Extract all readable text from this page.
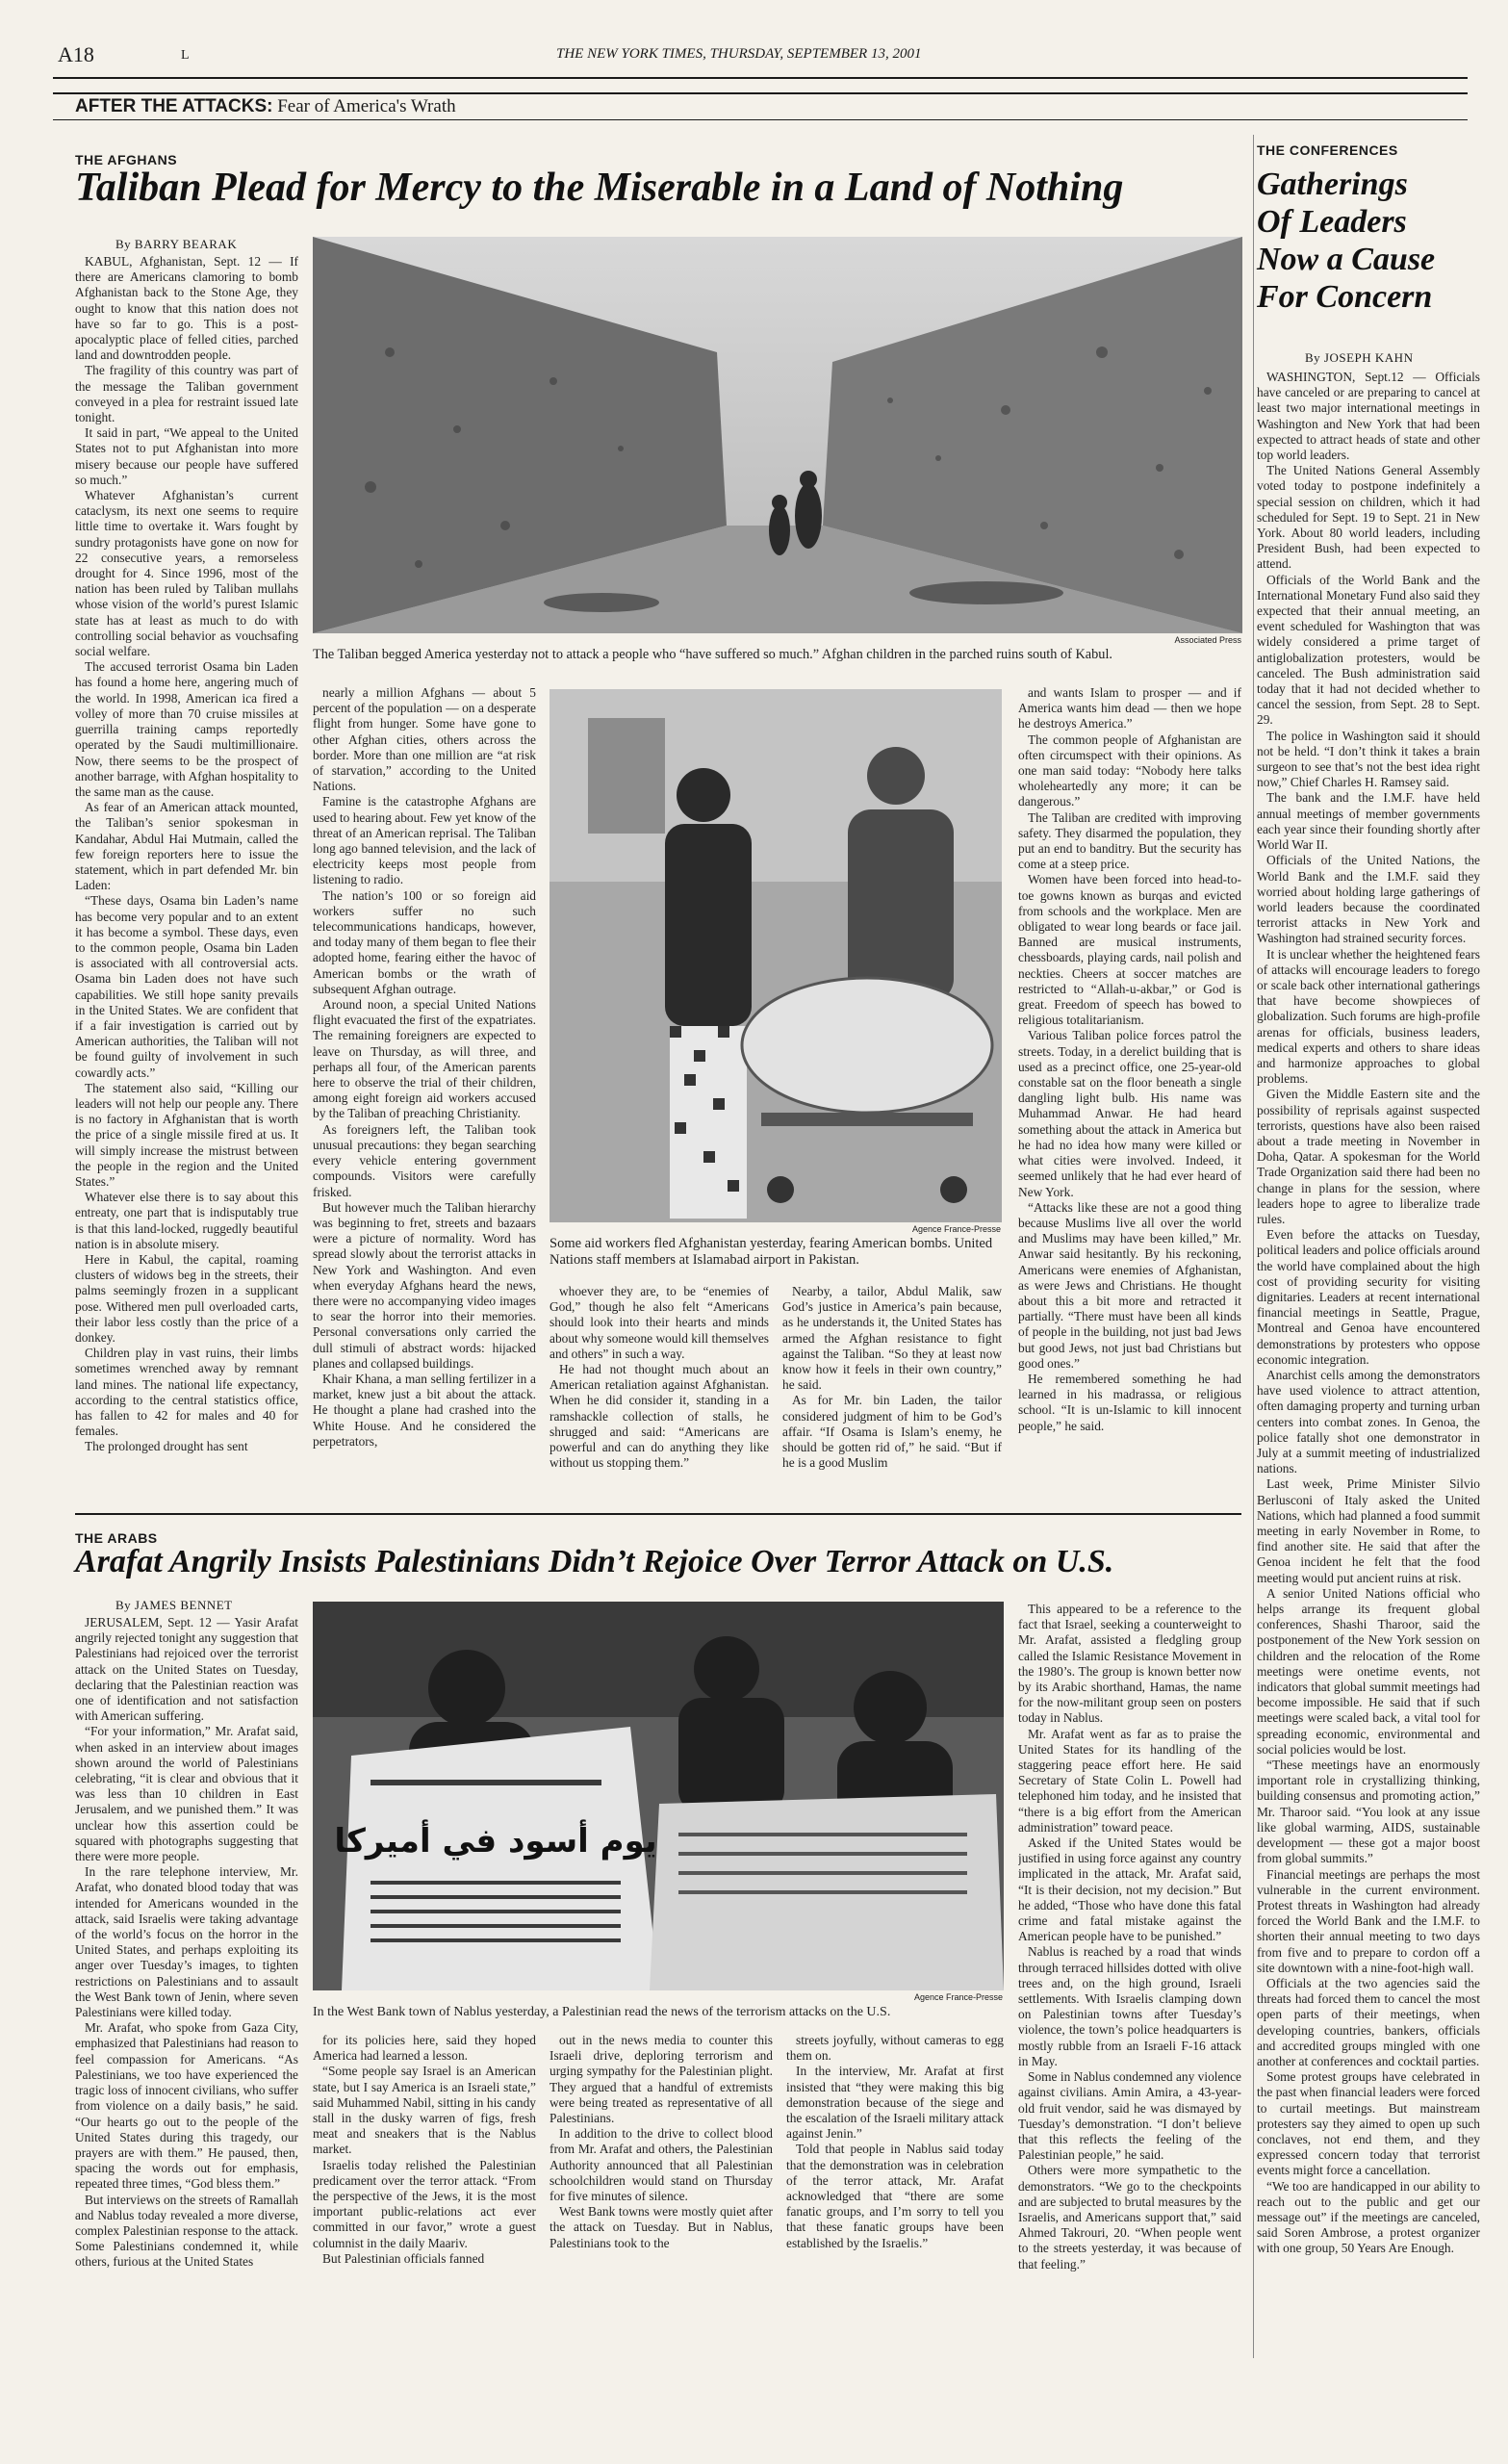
A18	L	THE NEW YORK TIMES, THURSDAY, SEPTEMBER 13, 2001
AFTER THE ATTACKS: Fear of America's Wrath
THE AFGHANS
Taliban Plead for Mercy to the Miserable in a Land of Nothing
By BARRY BEARAK

KABUL, Afghanistan, Sept. 12 — If there are Americans clamoring to bomb Afghanistan back to the Stone Age, they ought to know that this nation does not have so far to go. This is a post-apocalyptic place of felled cities, parched land and downtrodden people.

The fragility of this country was part of the message the Taliban government conveyed in a plea for restraint issued late tonight.

It said in part, “We appeal to the United States not to put Afghanistan into more misery because our people have suffered so much.”

Whatever Afghanistan’s current cataclysm, its next one seems to require little time to overtake it. Wars fought by sundry protagonists have gone on now for 22 consecutive years, a remorseless drought for 4. Since 1996, most of the nation has been ruled by Taliban mullahs whose vision of the world’s purest Islamic state has at least as much to do with controlling social behavior as vouchsafing social welfare.

The accused terrorist Osama bin Laden has found a home here, angering much of the world. In 1998, American ica fired a volley of more than 70 cruise missiles at guerrilla training camps reportedly operated by the Saudi multimillionaire. Now, there seems to be the prospect of another barrage, with Afghan hospitality to the same man as the cause.

As fear of an American attack mounted, the Taliban’s senior spokesman in Kandahar, Abdul Hai Mutmain, called the few foreign reporters here to issue the statement, which in part defended Mr. bin Laden:

“These days, Osama bin Laden’s name has become very popular and to an extent it has become a symbol. These days, even to the common people, Osama bin Laden is associated with all controversial acts. Osama bin Laden does not have such capabilities. We still hope sanity prevails in the United States. We are confident that if a fair investigation is carried out by American authorities, the Taliban will not be found guilty of involvement in such cowardly acts.”

The statement also said, “Killing our leaders will not help our people any. There is no factory in Afghanistan that is worth the price of a single missile fired at us. It will simply increase the mistrust between the people in the region and the United States.”

Whatever else there is to say about this entreaty, one part that is indisputably true is that this land-locked, ruggedly beautiful nation is in absolute misery.

Here in Kabul, the capital, roaming clusters of widows beg in the streets, their palms seemingly frozen in a supplicant pose. Withered men pull overloaded carts, their labor less costly than the price of a donkey.

Children play in vast ruins, their limbs sometimes wrenched away by remnant land mines. The national life expectancy, according to the central statistics office, has fallen to 42 for males and 40 for females.

The prolonged drought has sent

Associated Press
The Taliban begged America yesterday not to attack a people who “have suffered so much.” Afghan children in the parched ruins south of Kabul.

nearly a million Afghans — about 5 percent of the population — on a desperate flight from hunger. Some have gone to other Afghan cities, others across the border. More than one million are “at risk of starvation,” according to the United Nations.

Famine is the catastrophe Afghans are used to hearing about. Few yet know of the threat of an American reprisal. The Taliban long ago banned television, and the lack of electricity keeps most people from listening to radio.

The nation’s 100 or so foreign aid workers suffer no such telecommunications handicaps, however, and today many of them began to flee their adopted home, fearing either the havoc of American bombs or the wrath of subsequent Afghan outrage.

Around noon, a special United Nations flight evacuated the first of the expatriates. The remaining foreigners are expected to leave on Thursday, as will three, and perhaps all four, of the American parents here to observe the trial of their children, among eight foreign aid workers accused by the Taliban of preaching Christianity.

As foreigners left, the Taliban took unusual precautions: they began searching every vehicle entering government compounds. Visitors were carefully frisked.

But however much the Taliban hierarchy was beginning to fret, streets and bazaars were a picture of normality. Word has spread slowly about the terrorist attacks in New York and Washington. And even when everyday Afghans heard the news, there were no accompanying video images to sear the horror into their memories. Personal conversations only carried the dull stimuli of abstract words: hijacked planes and collapsed buildings.

Khair Khana, a man selling fertilizer in a market, knew just a bit about the attack. He thought a plane had crashed into the White House. And he considered the perpetrators,

Agence France-Presse
Some aid workers fled Afghanistan yesterday, fearing American bombs. United Nations staff members at Islamabad airport in Pakistan.

whoever they are, to be “enemies of God,” though he also felt “Americans should look into their hearts and minds about why someone would kill themselves and others” in such a way.

He had not thought much about an American retaliation against Afghanistan. When he did consider it, standing in a ramshackle collection of stalls, he shrugged and said: “Americans are powerful and can do anything they like without us stopping them.”

Nearby, a tailor, Abdul Malik, saw God’s justice in America’s pain because, as he understands it, the United States has armed the Afghan resistance to fight against the Taliban. “So they at least now know how it feels in their own country,” he said.

As for Mr. bin Laden, the tailor considered judgment of him to be God’s affair. “If Osama is Islam’s enemy, he should be gotten rid of,” he said. “But if he is a good Muslim

and wants Islam to prosper — and if America wants him dead — then we hope he destroys America.”

The common people of Afghanistan are often circumspect with their opinions. As one man said today: “Nobody here talks wholeheartedly any more; it can be dangerous.”

The Taliban are credited with improving safety. They disarmed the population, they put an end to banditry. But the security has come at a steep price.

Women have been forced into head-to-toe gowns known as burqas and evicted from schools and the workplace. Men are obligated to wear long beards or face jail. Banned are musical instruments, chessboards, playing cards, nail polish and neckties. Cheers at soccer matches are restricted to “Allah-u-akbar,” or God is great. Freedom of speech has bowed to religious totalitarianism.

Various Taliban police forces patrol the streets. Today, in a derelict building that is used as a precinct office, one 25-year-old constable sat on the floor beneath a single dangling light bulb. His name was Muhammad Anwar. He had heard something about the attack in America but he had no idea how many were killed or what cities were involved. Indeed, it seemed unlikely that he had ever heard of New York.

“Attacks like these are not a good thing because Muslims live all over the world and Muslims may have been killed,” Mr. Anwar said hesitantly. By his reckoning, Americans were enemies of Afghanistan, as were Jews and Christians. He thought about this a bit more and retracted it partially. “There must have been all kinds of people in the building, not just bad Jews but good Jews, not just bad Christians but good ones.”

He remembered something he had learned in his madrassa, or religious school. “It is un-Islamic to kill innocent people,” he said.

THE CONFERENCES
Gatherings
Of Leaders
Now a Cause
For Concern
By JOSEPH KAHN

WASHINGTON, Sept.12 — Officials have canceled or are preparing to cancel at least two major international meetings in Washington and New York that had been expected to attract heads of state and other top world leaders.

The United Nations General Assembly voted today to postpone indefinitely a special session on children, which it had scheduled for Sept. 19 to Sept. 21 in New York. About 80 world leaders, including President Bush, had been expected to attend.

Officials of the World Bank and the International Monetary Fund also said they expected that their annual meeting, an event scheduled for Washington that was widely considered a prime target of antiglobalization protesters, would be canceled. The Bush administration said today that it had not decided whether to cancel the session, from Sept. 28 to Sept. 29.

The police in Washington said it should not be held. “I don’t think it takes a brain surgeon to see that’s not the best idea right now,” Chief Charles H. Ramsey said.

The bank and the I.M.F. have held annual meetings of member governments each year since their founding shortly after World War II.

Officials of the United Nations, the World Bank and the I.M.F. said they worried about holding large gatherings of world leaders because the coordinated terrorist attacks in New York and Washington had strained security forces.

It is unclear whether the heightened fears of attacks will encourage leaders to forego or scale back other international gatherings that have become showpieces of globalization. Such forums are high-profile arenas for officials, business leaders, medical experts and others to share ideas and harmonize approaches to global problems.

Given the Middle Eastern site and the possibility of reprisals against suspected terrorists, questions have also been raised about a trade meeting in November in Doha, Qatar. A spokesman for the World Trade Organization said there had been no change in plans for the session, where leaders hope to agree to liberalize trade rules.

Even before the attacks on Tuesday, political leaders and police officials around the world have complained about the high cost of providing security for visiting dignitaries. Leaders at recent international financial meetings in Seattle, Prague, Montreal and Genoa have encountered demonstrations by protesters who oppose economic integration.

Anarchist cells among the demonstrators have used violence to attract attention, often damaging property and turning urban centers into combat zones. In Genoa, the police fatally shot one demonstrator in July at a summit meeting of industrialized nations.

Last week, Prime Minister Silvio Berlusconi of Italy asked the United Nations, which had planned a food summit meeting in early November in Rome, to find another site. He said that after the Genoa incident he felt that the food meeting would put ancient ruins at risk.

A senior United Nations official who helps arrange its frequent global conferences, Shashi Tharoor, said the postponement of the New York session on children and the relocation of the Rome meetings were onetime events, not indicators that global summit meetings had become impossible. He said that if such meetings were scaled back, a vital tool for spreading economic, environmental and social policies would be lost.

“These meetings have an enormously important role in crystallizing thinking, building consensus and promoting action,” Mr. Tharoor said. “You look at any issue like global warming, AIDS, sustainable development — these got a major boost from global summits.”

Financial meetings are perhaps the most vulnerable in the current environment. Protest threats in Washington had already forced the World Bank and the I.M.F. to shorten their annual meeting to two days from five and to prepare to cordon off a site downtown with a nine-foot-high wall.

Officials at the two agencies said the threats had forced them to cancel the most open parts of their meetings, when developing countries, bankers, officials and accredited groups mingled with one another at conferences and cocktail parties.

Some protest groups have celebrated in the past when financial leaders were forced to curtail meetings. But mainstream protesters say they aimed to open up such conclaves, not end them, and they expressed concern today that terrorist events might force a cancellation.

“We too are handicapped in our ability to reach out to the public and get our message out” if the meetings are canceled, said Soren Ambrose, a protest organizer with one group, 50 Years Are Enough.

THE ARABS
Arafat Angrily Insists Palestinians Didn’t Rejoice Over Terror Attack on U.S.
By JAMES BENNET

JERUSALEM, Sept. 12 — Yasir Arafat angrily rejected tonight any suggestion that Palestinians had rejoiced over the terrorist attack on the United States on Tuesday, declaring that the Palestinian reaction was one of identification and not satisfaction with American suffering.

“For your information,” Mr. Arafat said, when asked in an interview about images shown around the world of Palestinians celebrating, “it is clear and obvious that it was less than 10 children in East Jerusalem, and we punished them.” It was unclear how this assertion could be squared with photographs suggesting that there were more people.

In the rare telephone interview, Mr. Arafat, who donated blood today that was intended for Americans wounded in the attack, said Israelis were taking advantage of the world’s focus on the horror in the United States, and perhaps exploiting its anger over Tuesday’s images, to tighten restrictions on Palestinians and to assault the West Bank town of Jenin, where seven Palestinians were killed today.

Mr. Arafat, who spoke from Gaza City, emphasized that Palestinians had reason to feel compassion for Americans. “As Palestinians, we too have experienced the tragic loss of innocent civilians, who suffer from violence on a daily basis,” he said. “Our hearts go out to the people of the United States during this tragedy, our prayers are with them.” He paused, then, spacing the words out for emphasis, repeated three times, “God bless them.”

But interviews on the streets of Ramallah and Nablus today revealed a more diverse, complex Palestinian response to the attack. Some Palestinians condemned it, while others, furious at the United States

يوم أسود في أميركا
Agence France-Presse
In the West Bank town of Nablus yesterday, a Palestinian read the news of the terrorism attacks on the U.S.

for its policies here, said they hoped America had learned a lesson.

“Some people say Israel is an American state, but I say America is an Israeli state,” said Muhammed Nabil, sitting in his candy stall in the dusky warren of figs, fresh meat and sneakers that is the Nablus market.

Israelis today relished the Palestinian predicament over the terror attack. “From the perspective of the Jews, it is the most important public-relations act ever committed in our favor,” wrote a guest columnist in the daily Maariv.

But Palestinian officials fanned

out in the news media to counter this Israeli drive, deploring terrorism and urging sympathy for the Palestinian plight. They argued that a handful of extremists were being treated as representative of all Palestinians.

In addition to the drive to collect blood from Mr. Arafat and others, the Palestinian Authority announced that all Palestinian schoolchildren would stand on Thursday for five minutes of silence.

West Bank towns were mostly quiet after the attack on Tuesday. But in Nablus, Palestinians took to the

streets joyfully, without cameras to egg them on.

In the interview, Mr. Arafat at first insisted that “they were making this big demonstration because of the siege and the escalation of the Israeli military attack against Jenin.”

Told that people in Nablus said today that the demonstration was in celebration of the terror attack, Mr. Arafat acknowledged that “there are some fanatic groups, and I’m sorry to tell you that these fanatic groups have been established by the Israelis.”

This appeared to be a reference to the fact that Israel, seeking a counterweight to Mr. Arafat, assisted a fledgling group called the Islamic Resistance Movement in the 1980’s. The group is known better now by its Arabic shorthand, Hamas, the name for the now-militant group seen on posters today in Nablus.

Mr. Arafat went as far as to praise the United States for its handling of the staggering peace effort here. He said Secretary of State Colin L. Powell had telephoned him today, and he insisted that “there is a big effort from the American administration” toward peace.

Asked if the United States would be justified in using force against any country implicated in the attack, Mr. Arafat said, “It is their decision, not my decision.” But he added, “Those who have done this fatal crime and fatal mistake against the American people have to be punished.”

Nablus is reached by a road that winds through terraced hillsides dotted with olive trees and, on the high ground, Israeli settlements. With Israelis clamping down on Palestinian towns after Tuesday’s violence, the town’s police headquarters is mostly rubble from an Israeli F-16 attack in May.

Some in Nablus condemned any violence against civilians. Amin Amira, a 43-year-old fruit vendor, said he was dismayed by Tuesday’s demonstration. “I don’t believe that this reflects the feeling of the Palestinian people,” he said.

Others were more sympathetic to the demonstrators. “We go to the checkpoints and are subjected to brutal measures by the Israelis, and Americans support that,” said Ahmed Takrouri, 20. “When people went to the streets yesterday, it was because of that feeling.”
